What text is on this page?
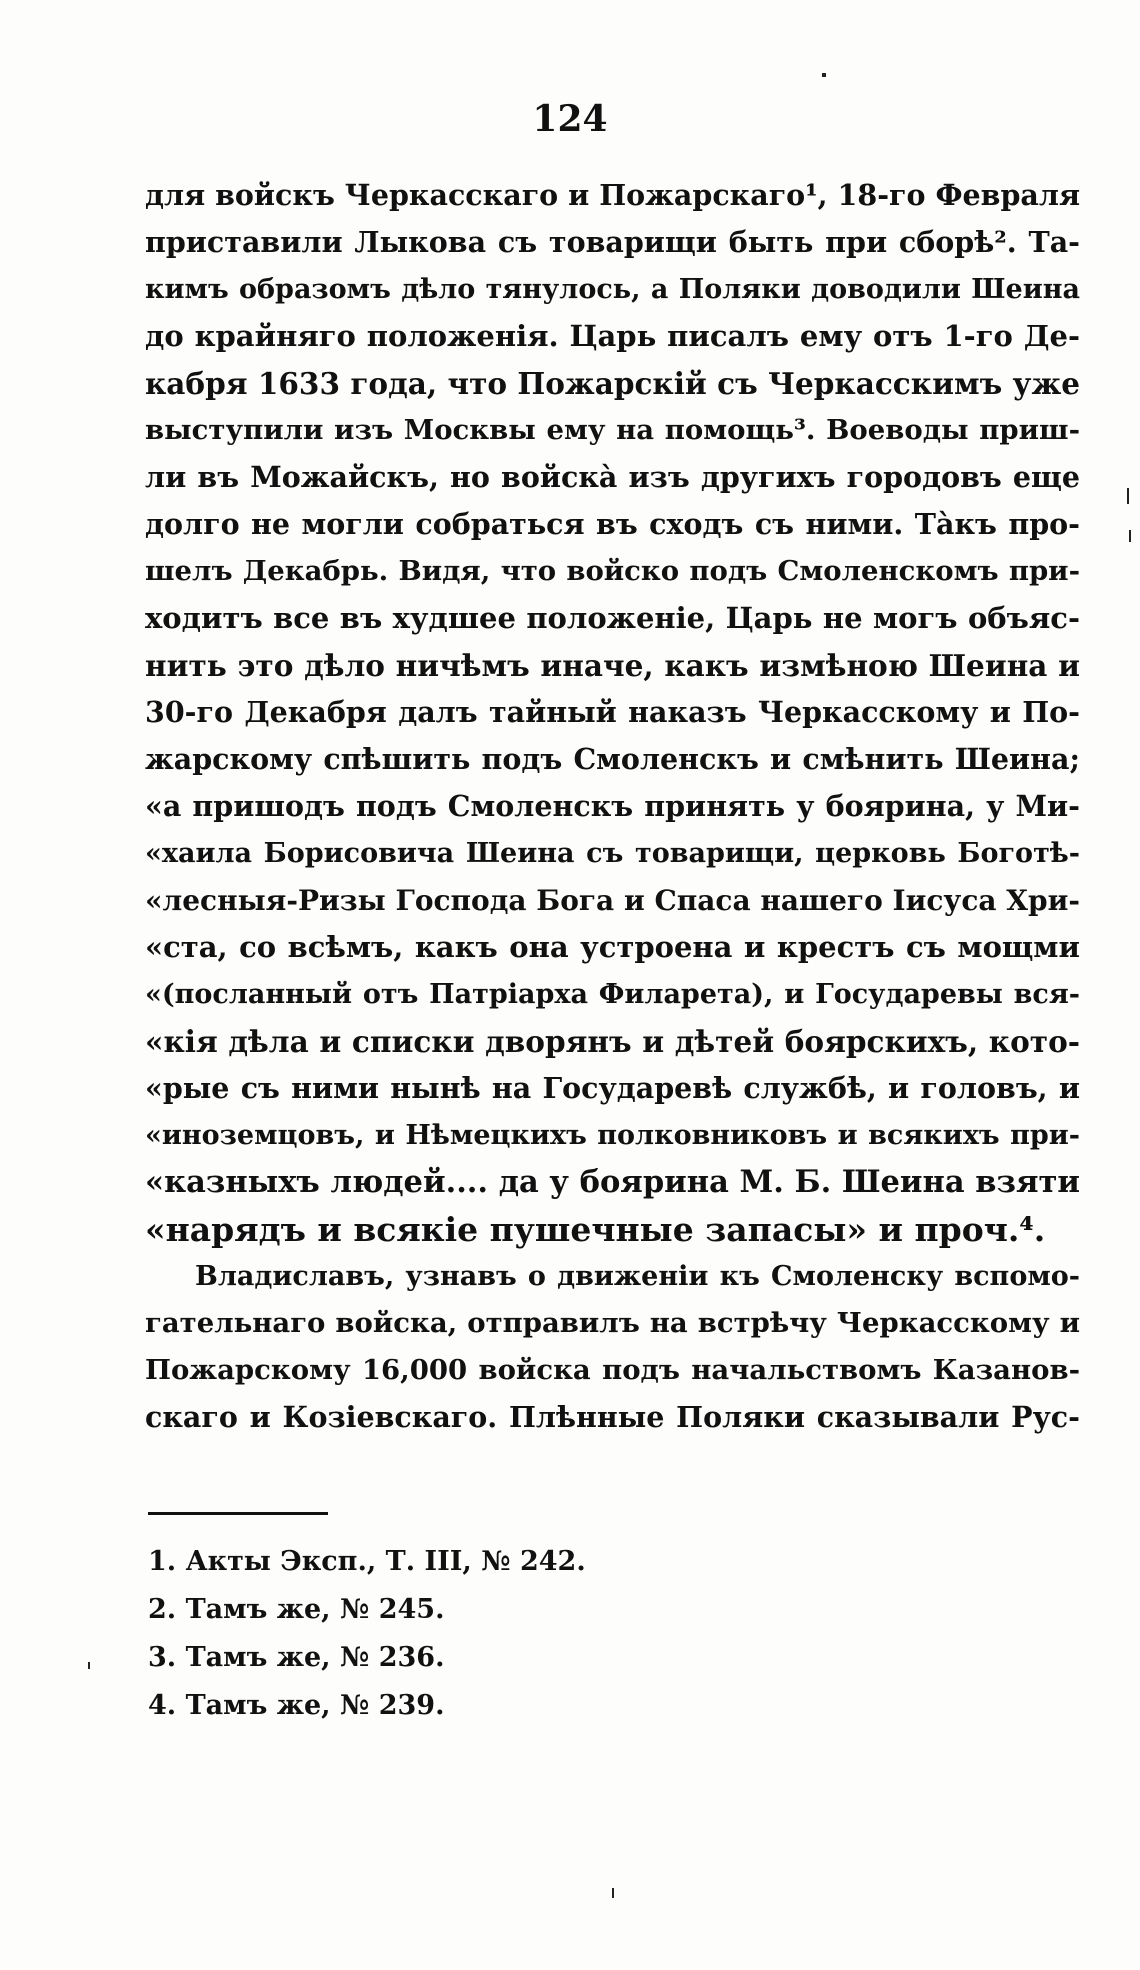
124
для войскъ Черкасскаго и Пожарскаго¹, 18-го Февраля
приставили Лыкова съ товарищи быть при сборѣ². Та-
кимъ образомъ дѣло тянулось, а Поляки доводили Шеина
до крайняго положенія. Царь писалъ ему отъ 1-го Де-
кабря 1633 года, что Пожарскій съ Черкасскимъ уже
выступили изъ Москвы ему на помощь³. Воеводы приш-
ли въ Можайскъ, но войскà изъ другихъ городовъ еще
долго не могли собраться въ сходъ съ ними. Тàкъ про-
шелъ Декабрь. Видя, что войско подъ Смоленскомъ при-
ходитъ все въ худшее положеніе, Царь не могъ объяс-
нить это дѣло ничѣмъ иначе, какъ измѣною Шеина и
30-го Декабря далъ тайный наказъ Черкасскому и По-
жарскому спѣшить подъ Смоленскъ и смѣнить Шеина;
«а пришодъ подъ Смоленскъ принять у боярина, у Ми-
«хаила Борисовича Шеина съ товарищи, церковь Боготѣ-
«лесныя-Ризы Господа Бога и Спаса нашего Іисуса Хри-
«ста, со всѣмъ, какъ она устроена и крестъ съ мощми
«(посланный отъ Патріарха Филарета), и Государевы вся-
«кія дѣла и списки дворянъ и дѣтей боярскихъ, кото-
«рые съ ними нынѣ на Государевѣ службѣ, и головъ, и
«иноземцовъ, и Нѣмецкихъ полковниковъ и всякихъ при-
«казныхъ людей.... да у боярина М. Б. Шеина взяти
«нарядъ и всякіе пушечные запасы» и проч.⁴.
Владиславъ, узнавъ о движеніи къ Смоленску вспомо-
гательнаго войска, отправилъ на встрѣчу Черкасскому и
Пожарскому 16,000 войска подъ начальствомъ Казанов-
скаго и Козіевскаго. Плѣнные Поляки сказывали Рус-
1. Акты Эксп., Т. III, № 242.
2. Тамъ же, № 245.
3. Тамъ же, № 236.
4. Тамъ же, № 239.
